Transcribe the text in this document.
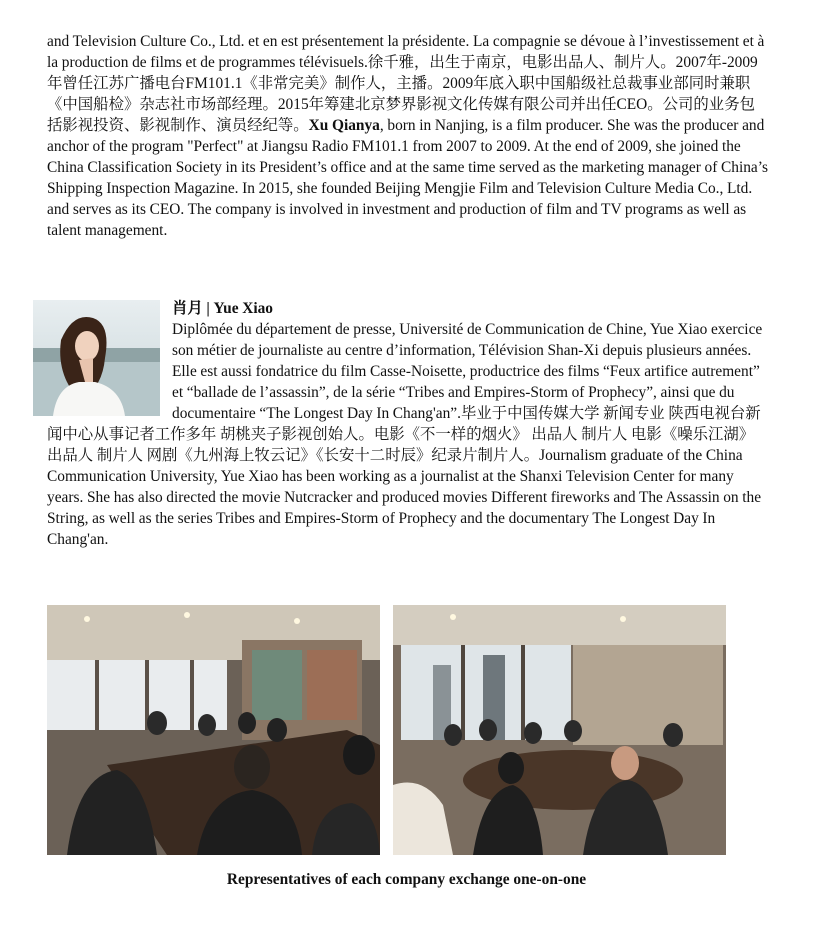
and Television Culture Co., Ltd. et en est présentement la présidente. La compagnie se dévoue à l’investissement et à la production de films et de programmes télévisuels.徐千雅，出生于南京，电影出品人、制片人。2007年-2009年曾任江苏广播电台FM101.1《非常完美》制作人，主播。2009年底入职中国船级社总裁事业部同时兼职《中国船检》杂志社市场部经理。2015年筹建北京梦界影视文化传媒有限公司并出任CEO。公司的业务包括影视投资、影视制作、演员经纪等。Xu Qianya, born in Nanjing, is a film producer. She was the producer and anchor of the program "Perfect" at Jiangsu Radio FM101.1 from 2007 to 2009. At the end of 2009, she joined the China Classification Society in its President’s office and at the same time served as the marketing manager of China’s Shipping Inspection Magazine. In 2015, she founded Beijing Mengjie Film and Television Culture Media Co., Ltd. and serves as its CEO. The company is involved in investment and production of film and TV programs as well as talent management.

肖月 | Yue Xiao
Diplômée du département de presse, Université de Communication de Chine, Yue Xiao exercice son métier de journaliste au centre d’information, Télévision Shan-Xi depuis plusieurs années. Elle est aussi fondatrice du film Casse-Noisette, productrice des films “Feux artifice autrement” et “ballade de l’assassin”, de la série “Tribes and Empires-Storm of Prophecy”, ainsi que du documentaire “The Longest Day In Chang'an”.毕业于中国传媒大学 新闻专业 陕西电视台新闻中心从事记者工作多年 胡桃夹子影视创始人。电影《不一样的烟火》 出品人 制片人 电影《噪乐江湖》出品人 制片人 网剧《九州海上牧云记》《长安十二时辰》纪录片制片人。Journalism graduate of the China Communication University, Yue Xiao has been working as a journalist at the Shanxi Television Center for many years. She has also directed the movie Nutcracker and produced movies Different fireworks and The Assassin on the String, as well as the series Tribes and Empires-Storm of Prophecy and the documentary The Longest Day In Chang'an.

Representatives of each company exchange one-on-one
